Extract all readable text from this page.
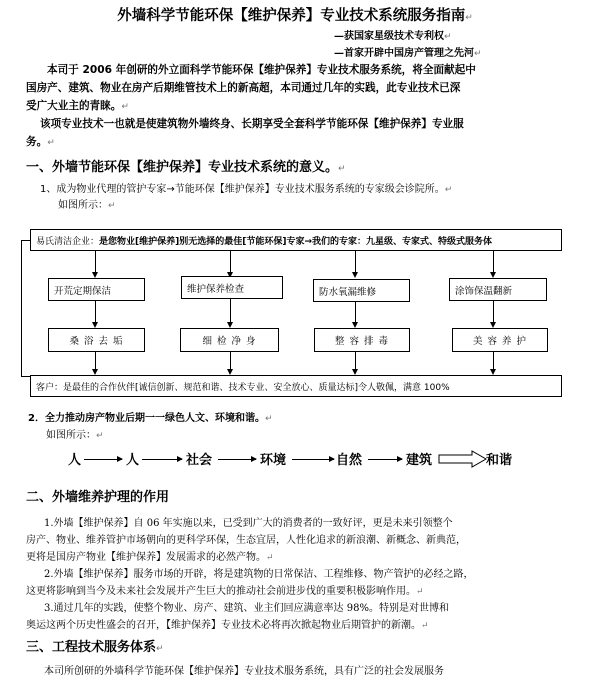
外墙科学节能环保【维护保养】专业技术系统服务指南↵
—获国家星级技术专利权↵
—首家开辟中国房产管理之先河↵
本司于 2006 年创研的外立面科学节能环保【维护保养】专业技术服务系统，将全面献起中
国房产、建筑、物业在房产后期维管技术上的新高超，本司通过几年的实践，此专业技术已深
受广大业主的青睐。↵
该项专业技术一也就是使建筑物外墙终身、长期享受全套科学节能环保【维护保养】专业服
务。↵
一、外墙节能环保【维护保养】专业技术系统的意义。↵
1、成为物业代理的管护专家→节能环保【维护保养】专业技术服务系统的专家级会诊院所。↵
如图所示：↵
易氏清洁企业： 是您物业[维护保养]别无选择的最佳[节能环保]专家→我们的专家：九星级、专家式、特级式服务体
开荒定期保洁	维护保养检查	防水氧漏维修	涂饰保温翻新
桑 浴 去 垢	细 检 净 身	整 容 排 毒	美 容 养 护
客户：是最佳的合作伙伴[诚信创新、规范和谐、技术专业、安全放心、质量达标]令人敬佩，满意 100%
2．全力推动房产物业后期一一绿色人文、环境和谐。↵
如图所示：↵
人	人	社会	环境	自然	建筑	和谐
二、外墙维养护理的作用
1.外墙【维护保养】自 06 年实施以来，已受到广大的消费者的一致好评，更是未来引领整个
房产、物业、维养管护市场朝向的更科学环保，生态宜居，人性化追求的新浪潮、新概念、新典范，
更将是国房产物业【维护保养】发展需求的必然产物。↵
2.外墙【维护保养】服务市场的开辟，将是建筑物的日常保洁、工程维修、物产管护的必经之路，
这更将影响到当今及未来社会发展并产生巨大的推动社会前进步伐的重要积极影响作用。↵
3.通过几年的实践，使整个物业、房产、建筑、业主们回应满意率达 98%。特别是对世博和
奥运这两个历史性盛会的召开，【维护保养】专业技术必将再次掀起物业后期管护的新潮。↵
三、工程技术服务体系↵
本司所创研的外墙科学节能环保【维护保养】专业技术服务系统，具有广泛的社会发展服务
